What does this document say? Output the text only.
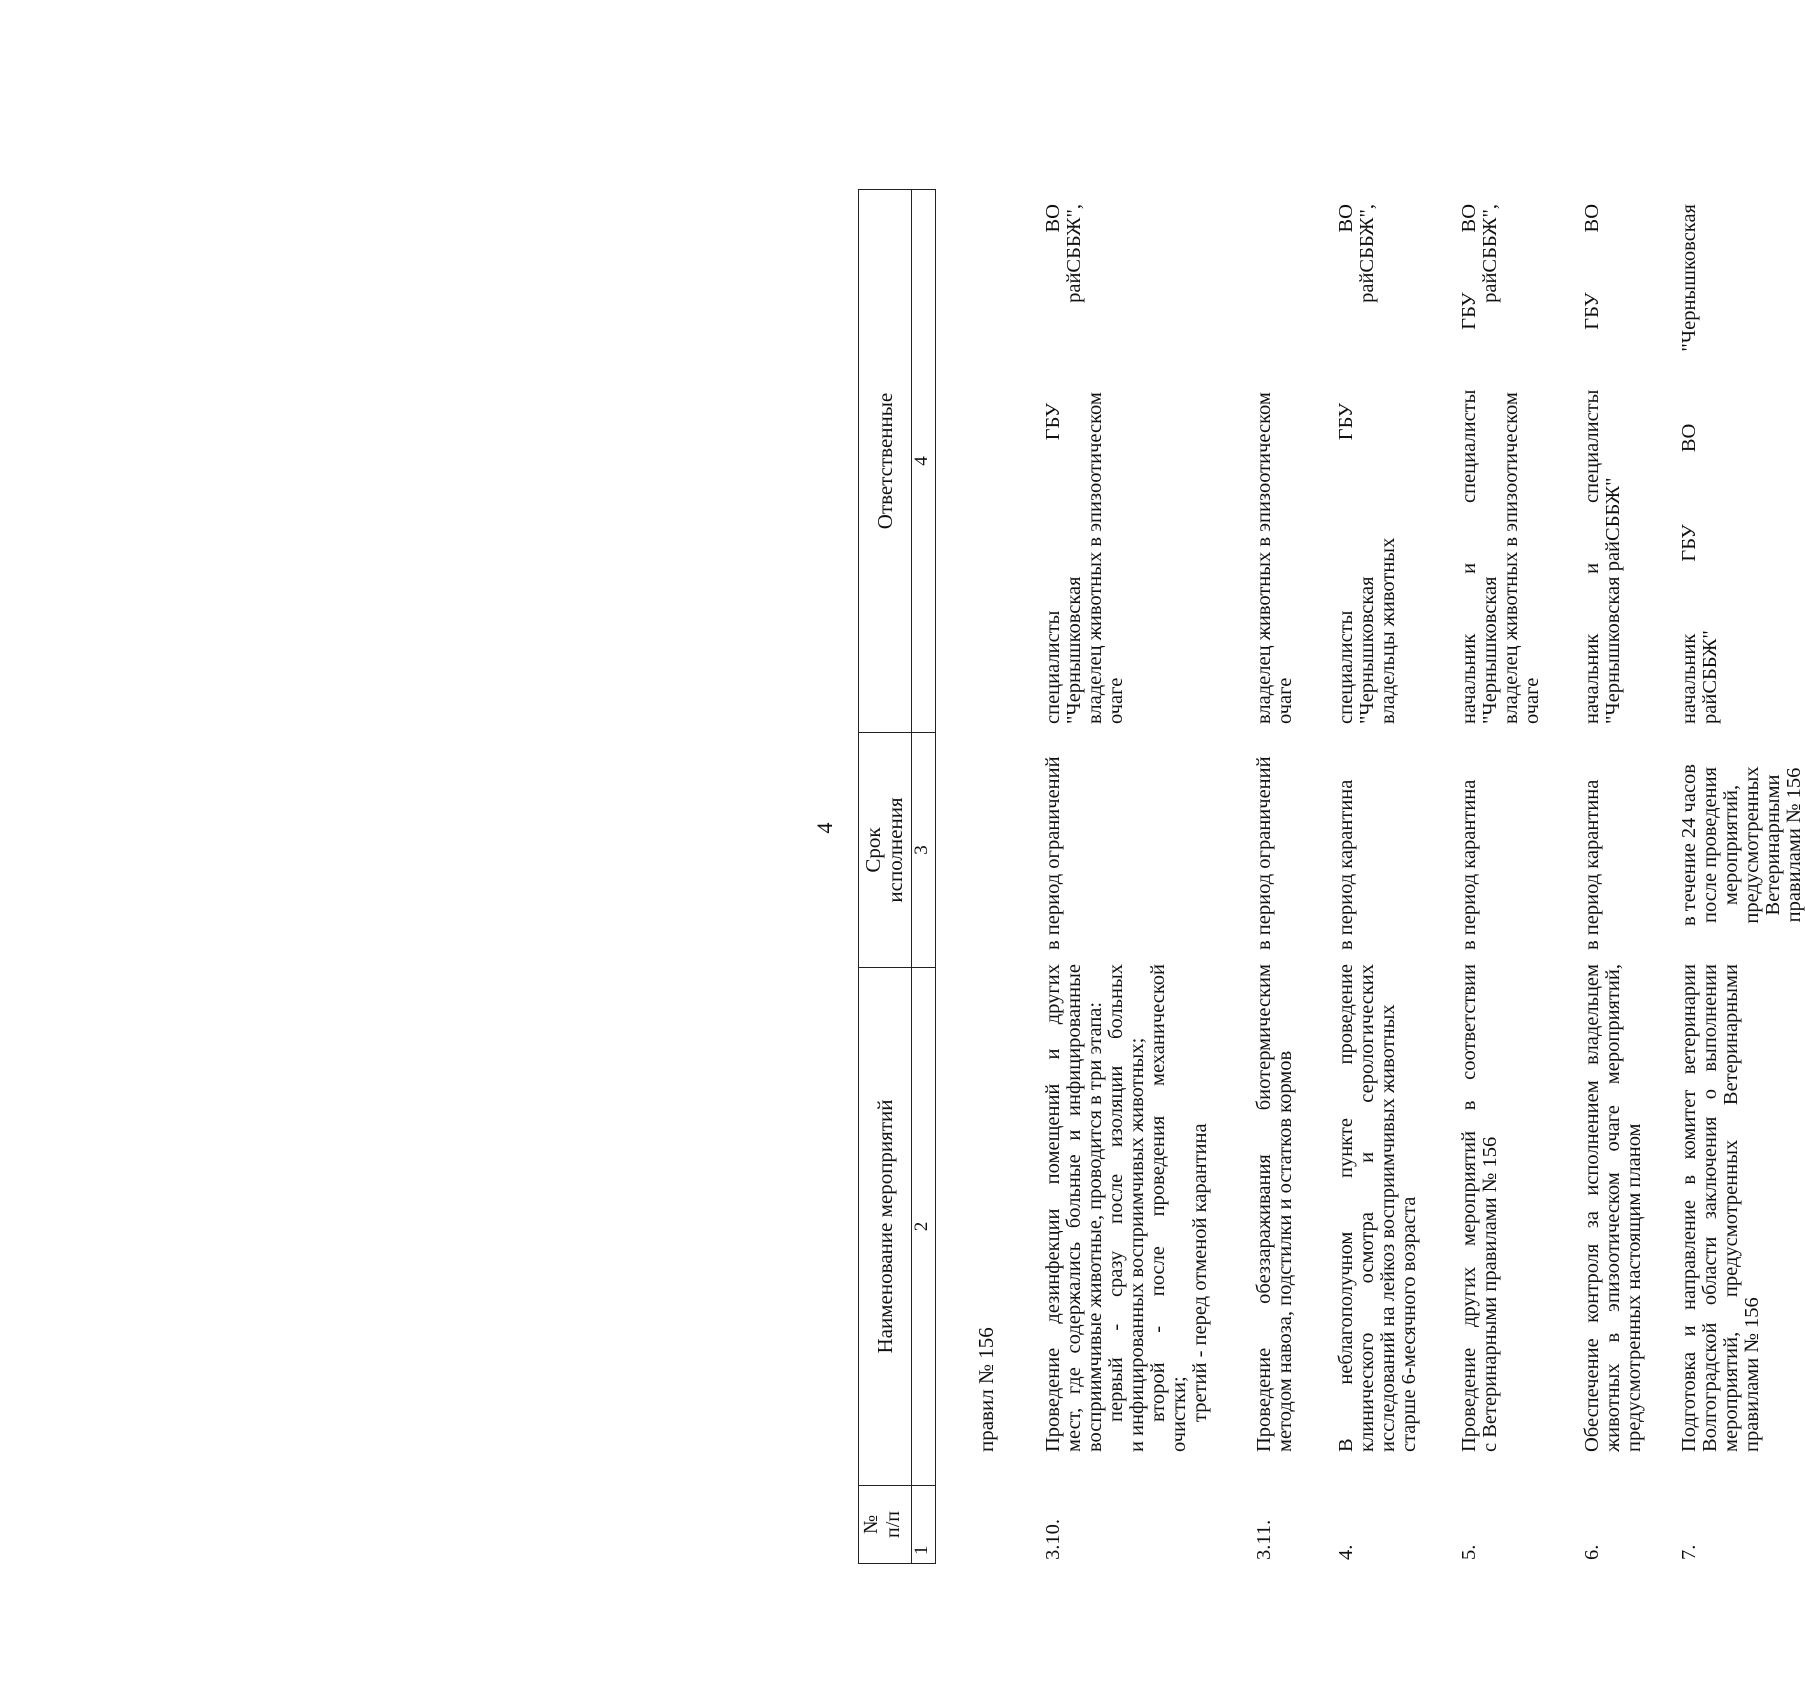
4
№ п/п
1
Наименование мероприятий 2
Срок
исполнения 3
Ответственные 4
правил № 156
3.10.
Проведение дезинфекции помещений и других мест, где содержались больные и инфицированные восприимчивые животные, проводится в три этапа: первый - сразу после изоляции больных и инфицированных восприимчивых животных; второй - после проведения механической очистки; третий - перед отменой карантина
в период ограничений
специалисты ГБУ ВО "Чернышковская райСББЖ", владелец животных в эпизоотическом очаге
3.11.
Проведение обеззараживания биотермическим методом навоза, подстилки и остатков кормов
в период ограничений
владелец животных в эпизоотическом очаге
4.
В неблагополучном пункте проведение клинического осмотра и серологических исследований на лейкоз восприимчивых животных старше 6-месячного возраста
в период карантина
специалисты ГБУ ВО "Чернышковская райСББЖ", владельцы животных
5.
Проведение других мероприятий в соответствии с Ветеринарными правилами № 156
в период карантина
начальник и специалисты ГБУ ВО "Чернышковская райСББЖ", владелец животных в эпизоотическом очаге
6.
Обеспечение контроля за исполнением владельцем животных в эпизоотическом очаге мероприятий, предусмотренных настоящим планом
в период карантина
начальник и специалисты ГБУ ВО "Чернышковская райСББЖ"
7.
Подготовка и направление в комитет ветеринарии Волгоградской области заключения о выполнении мероприятий, предусмотренных Ветеринарными правилами № 156
в течение 24 часов после проведения мероприятий, предусмотренных Ветеринарными правилами № 156
начальник ГБУ ВО "Чернышковская райСББЖ"
